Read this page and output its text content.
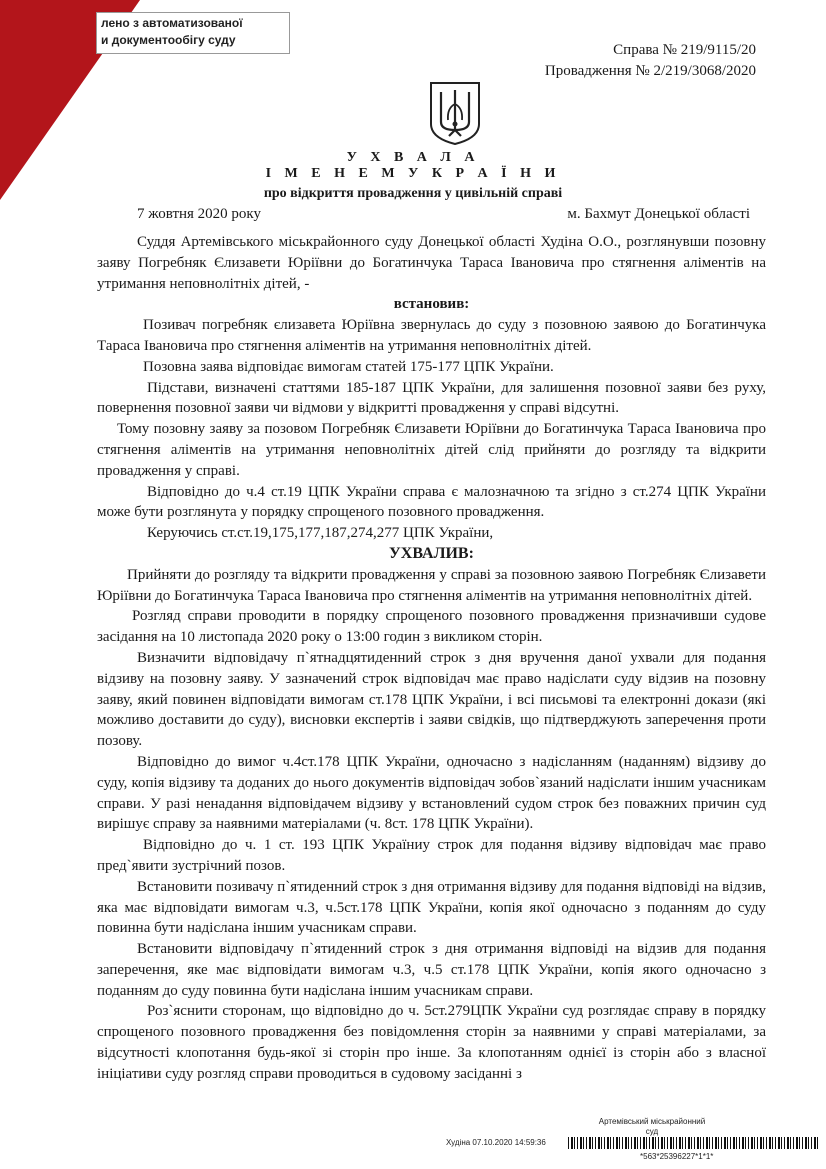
лено з автоматизованої
и документообігу суду
Справа № 219/9115/20
Провадження № 2/219/3068/2020
У Х В А Л А
І М Е Н Е М У К Р А Ї Н И
про відкриття провадження у цивільній справі
7 жовтня 2020 року	м. Бахмут Донецької області

Суддя Артемівського міськрайонного суду Донецької області Худіна О.О., розглянувши позовну заяву Погребняк Єлизавети Юріївни до Богатинчука Тараса Івановича про стягнення аліментів на утримання неповнолітніх дітей, -

встановив:

Позивач погребняк єлизавета Юріївна звернулась до суду з позовною заявою до Богатинчука Тараса Івановича про стягнення аліментів на утримання неповнолітніх дітей.

Позовна заява відповідає вимогам статей 175-177 ЦПК України.

Підстави, визначені статтями 185-187 ЦПК України, для залишення позовної заяви без руху, повернення позовної заяви чи відмови у відкритті провадження у справі відсутні.

Тому позовну заяву за позовом Погребняк Єлизавети Юріївни до Богатинчука Тараса Івановича про стягнення аліментів на утримання неповнолітніх дітей слід прийняти до розгляду та відкрити провадження у справі.

Відповідно до ч.4 ст.19 ЦПК України справа є малозначною та згідно з ст.274 ЦПК України може бути розглянута у порядку спрощеного позовного провадження.

Керуючись ст.ст.19,175,177,187,274,277 ЦПК України,

УХВАЛИВ:

Прийняти до розгляду та відкрити провадження у справі за позовною заявою Погребняк Єлизавети Юріївни до Богатинчука Тараса Івановича про стягнення аліментів на утримання неповнолітніх дітей.

Розгляд справи проводити в порядку спрощеного позовного провадження призначивши судове засідання на 10 листопада 2020 року о 13:00 годин з викликом сторін.

Визначити відповідачу п`ятнадцятиденний строк з дня вручення даної ухвали для подання відзиву на позовну заяву. У зазначений строк відповідач має право надіслати суду відзив на позовну заяву, який повинен відповідати вимогам ст.178 ЦПК України, і всі письмові та електронні докази (які можливо доставити до суду), висновки експертів і заяви свідків, що підтверджують заперечення проти позову.

Відповідно до вимог ч.4ст.178 ЦПК України, одночасно з надісланням (наданням) відзиву до суду, копія відзиву та доданих до нього документів відповідач зобов`язаний надіслати іншим учасникам справи. У разі ненадання відповідачем відзиву у встановлений судом строк без поважних причин суд вирішує справу за наявними матеріалами (ч. 8ст. 178 ЦПК України).

Відповідно до ч. 1 ст. 193 ЦПК Україниу строк для подання відзиву відповідач має право пред`явити зустрічний позов.

Встановити позивачу п`ятиденний строк з дня отримання відзиву для подання відповіді на відзив, яка має відповідати вимогам ч.3, ч.5ст.178 ЦПК України, копія якої одночасно з поданням до суду повинна бути надіслана іншим учасникам справи.

Встановити відповідачу п`ятиденний строк з дня отримання відповіді на відзив для подання заперечення, яке має відповідати вимогам ч.3, ч.5 ст.178 ЦПК України, копія якого одночасно з поданням до суду повинна бути надіслана іншим учасникам справи.

Роз`яснити сторонам, що відповідно до ч. 5ст.279ЦПК України суд розглядає справу в порядку спрощеного позовного провадження без повідомлення сторін за наявними у справі матеріалами, за відсутності клопотання будь-якої зі сторін про інше. За клопотанням однієї із сторін або з власної ініціативи суду розгляд справи проводиться в судовому засіданні з

Артемівський міськрайонний суд
Худіна 07.10.2020 14:59:36
*563*25396227*1*1*
